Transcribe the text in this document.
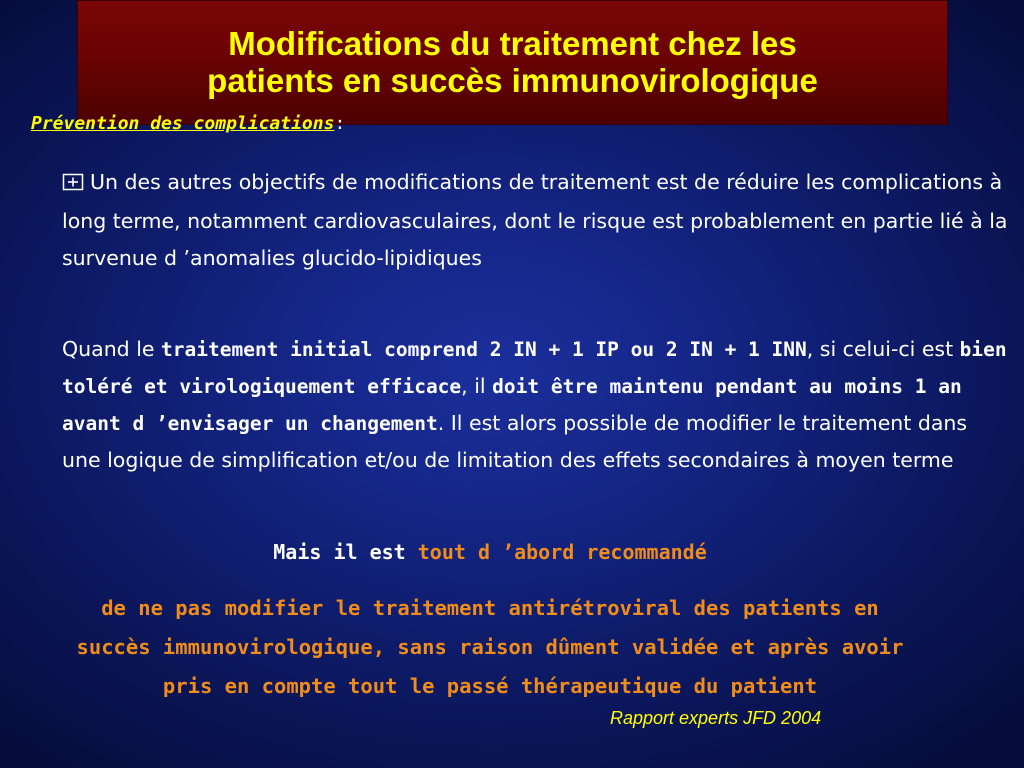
Modifications du traitement chez les
patients en succès immunovirologique
Prévention des complications:
Un des autres objectifs de modifications de traitement est de réduire les complications à long terme, notamment cardiovasculaires, dont le risque est probablement en partie lié à la survenue d ’anomalies glucido-lipidiques
Quand le traitement initial comprend 2 IN + 1 IP ou 2 IN + 1 INN, si celui-ci est bien toléré et virologiquement efficace, il doit être maintenu pendant au moins 1 an avant d ’envisager un changement. Il est alors possible de modifier le traitement dans une logique de simplification et/ou de limitation des effets secondaires à moyen terme
Mais il est tout d ’abord recommandé
de ne pas modifier le traitement antirétroviral des patients en succès immunovirologique, sans raison dûment validée et après avoir pris en compte tout le passé thérapeutique du patient
Rapport experts JFD 2004
